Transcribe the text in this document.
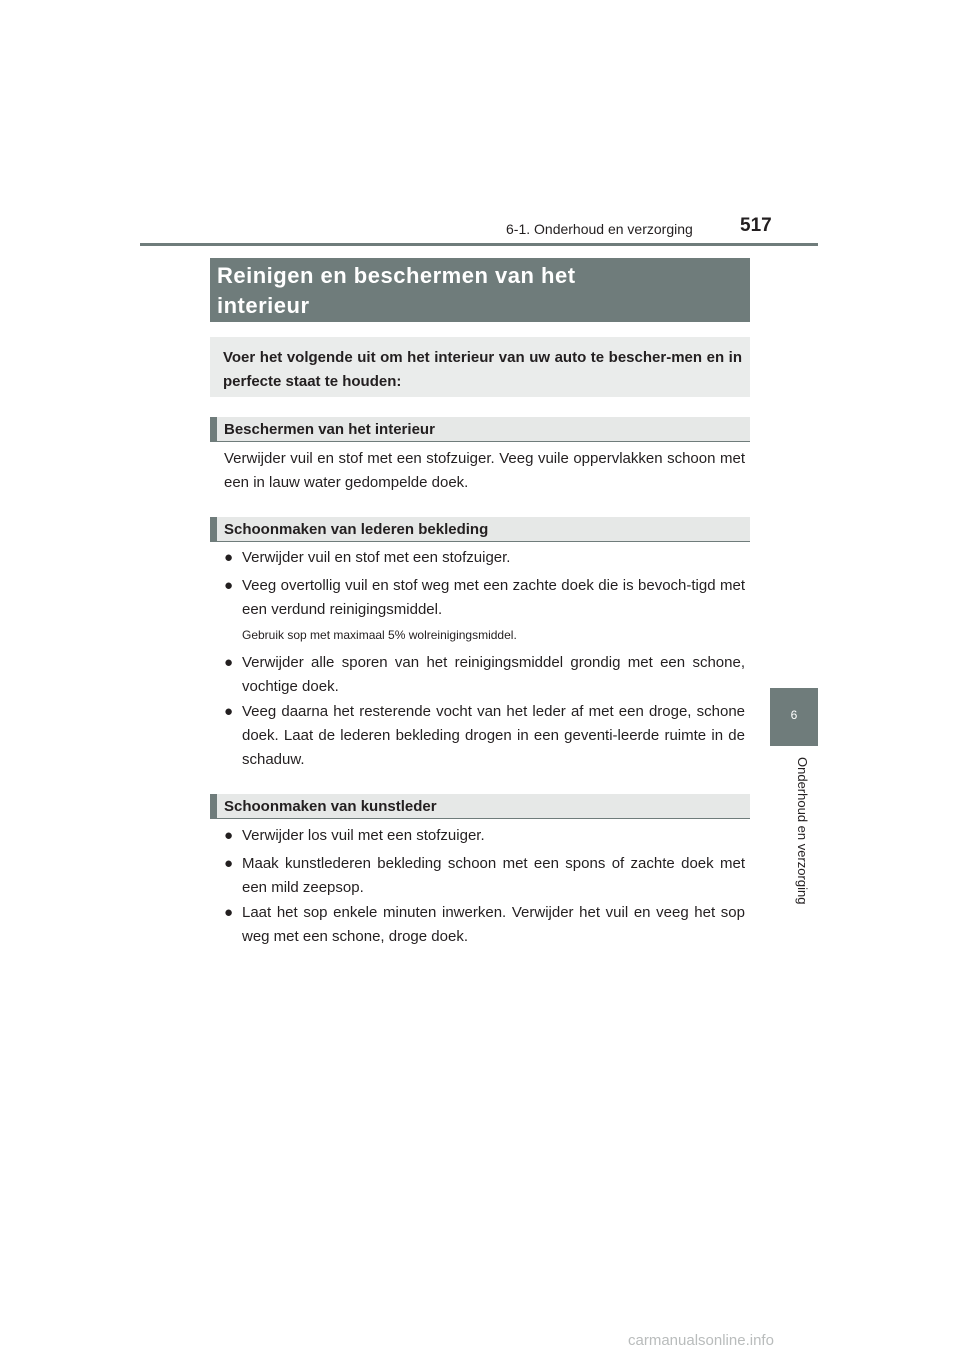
6-1. Onderhoud en verzorging 517
6
Onderhoud en verzorging
Reinigen en beschermen van het
interieur

Voer het volgende uit om het interieur van uw auto te bescher-men en in perfecte staat te houden:

Beschermen van het interieur

Verwijder vuil en stof met een stofzuiger. Veeg vuile oppervlakken schoon met een in lauw water gedompelde doek.

Schoonmaken van lederen bekleding
● Verwijder vuil en stof met een stofzuiger.

● Veeg overtollig vuil en stof weg met een zachte doek die is bevoch-tigd met een verdund reinigingsmiddel.

Gebruik sop met maximaal 5% wolreinigingsmiddel.
● Verwijder alle sporen van het reinigingsmiddel grondig met een schone, vochtige doek.

● Veeg daarna het resterende vocht van het leder af met een droge, schone doek. Laat de lederen bekleding drogen in een geventi-leerde ruimte in de schaduw.

Schoonmaken van kunstleder
● Verwijder los vuil met een stofzuiger.

● Maak kunstlederen bekleding schoon met een spons of zachte doek met een mild zeepsop.

● Laat het sop enkele minuten inwerken. Verwijder het vuil en veeg het sop weg met een schone, droge doek.

carmanualsonline.info
